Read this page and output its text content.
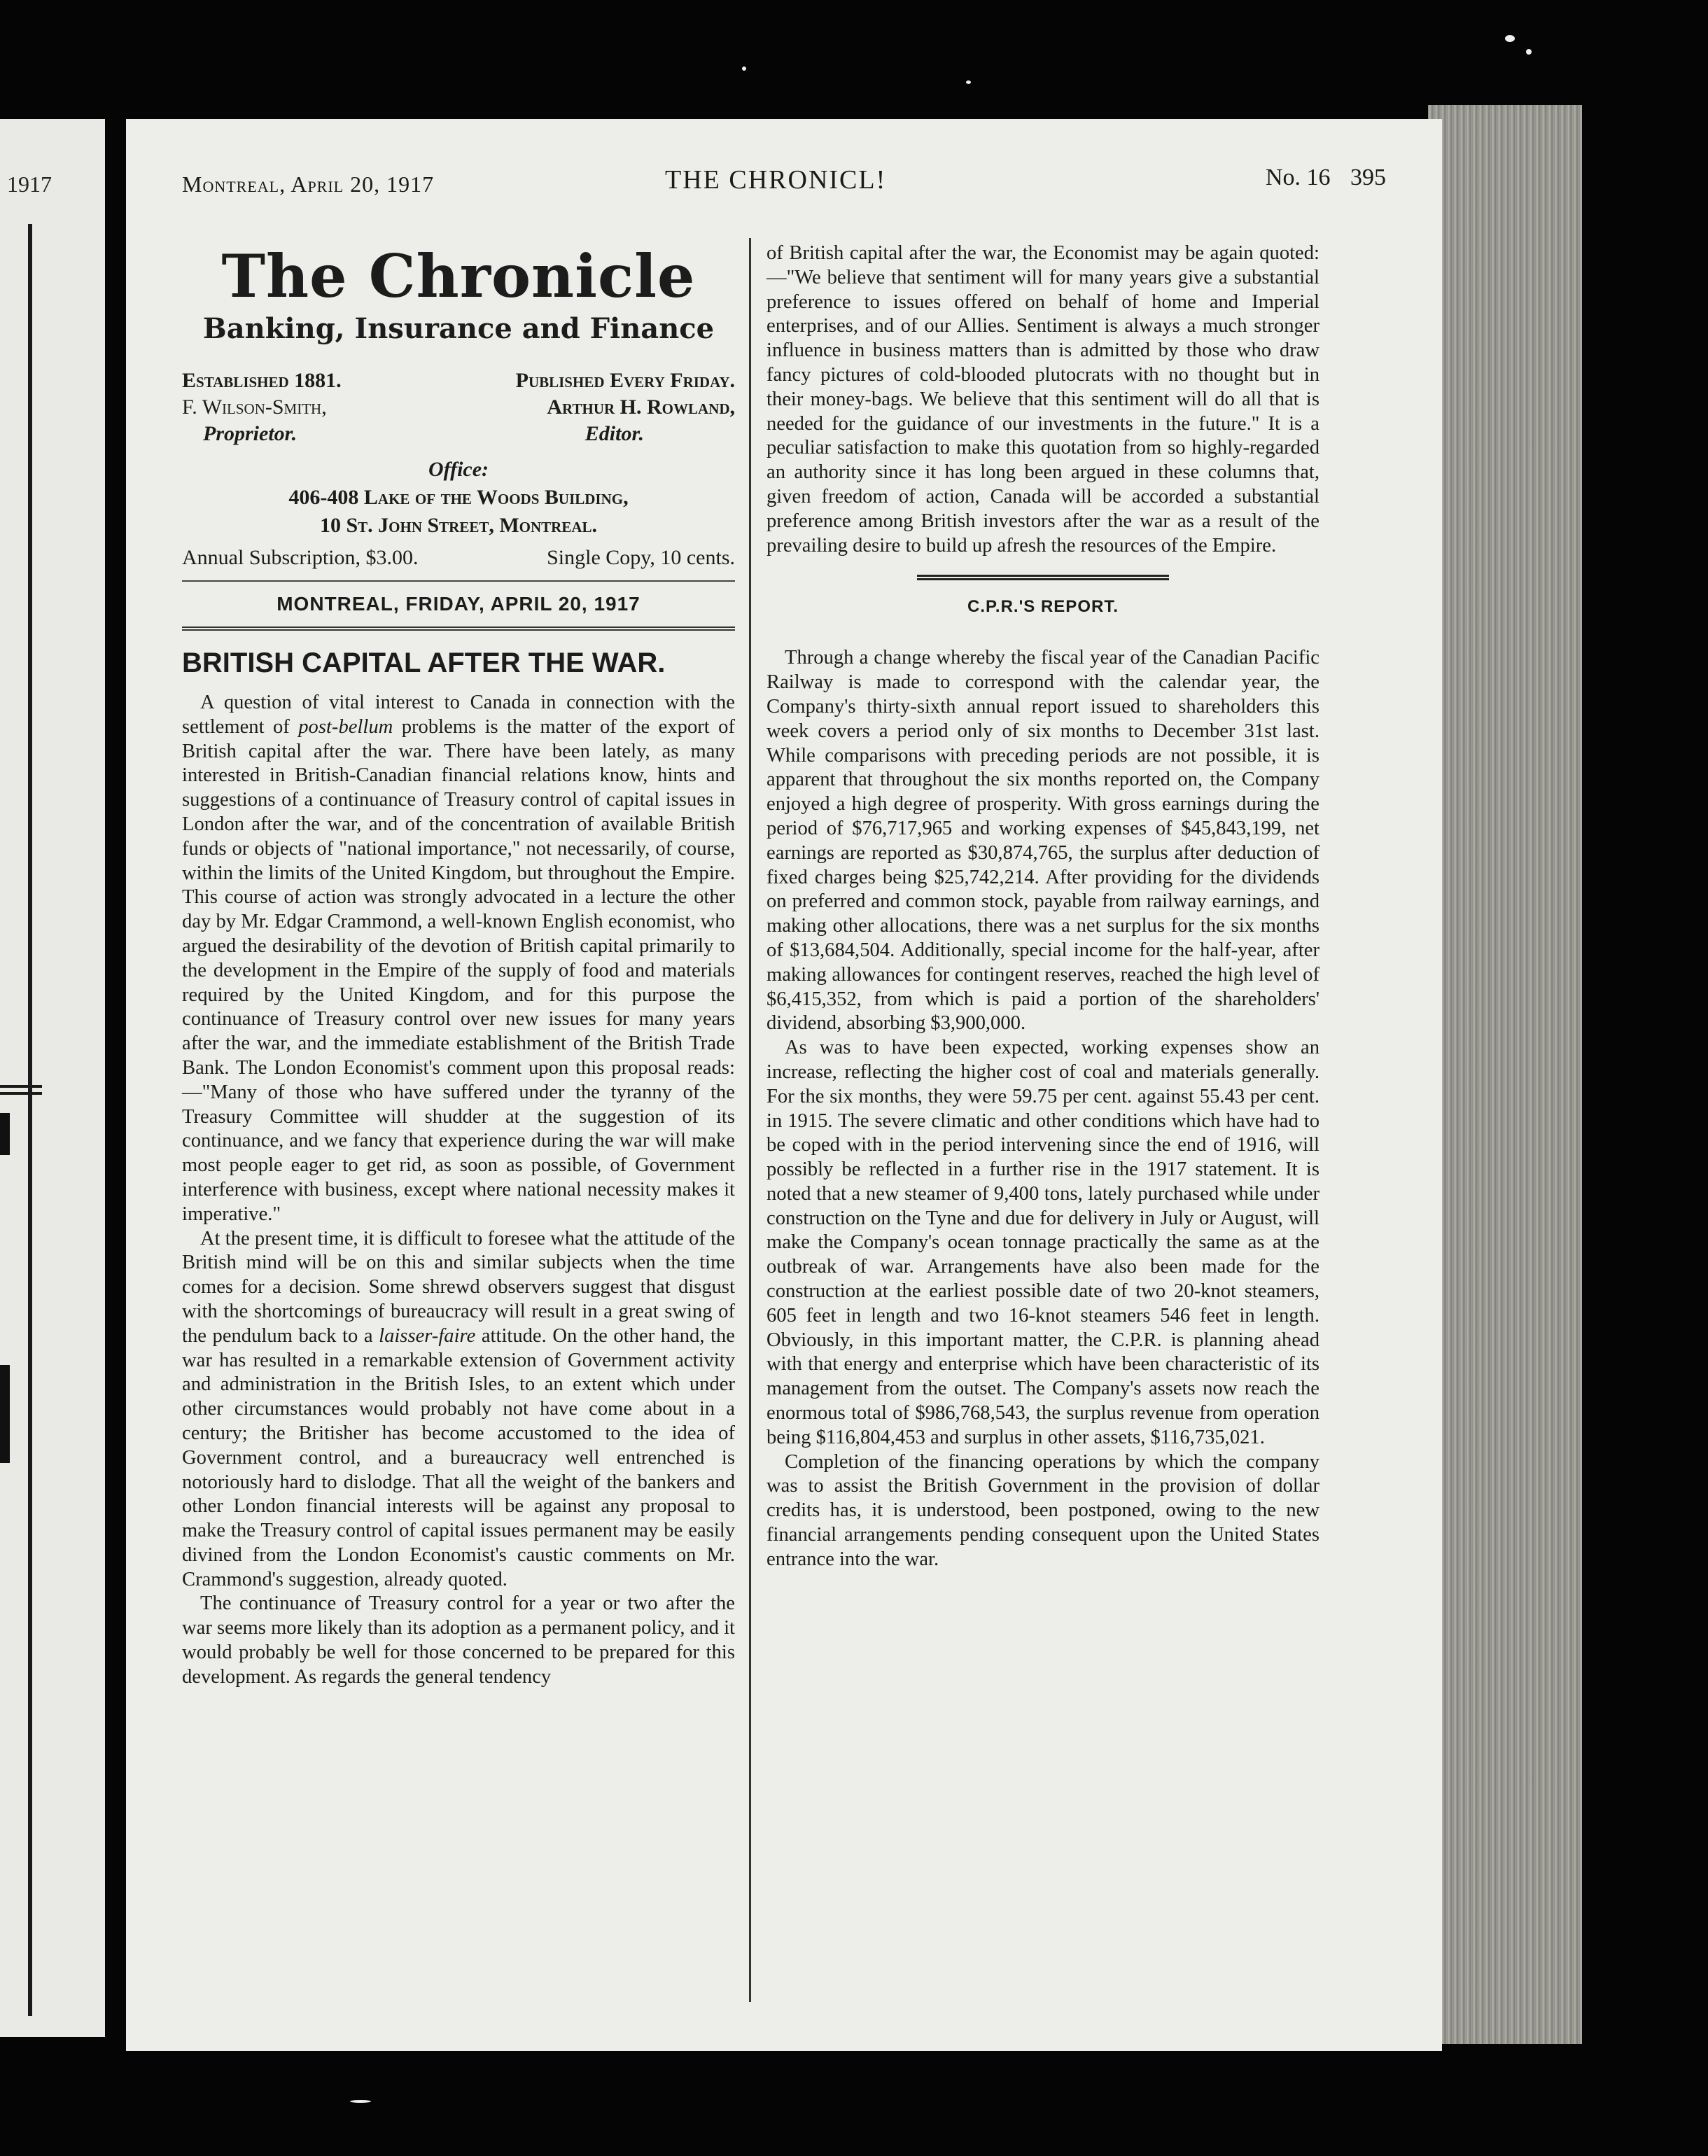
1917	Montreal, April 20, 1917	THE CHRONICL!	No. 16 395

The Chronicle

Banking, Insurance and Finance

Established 1881.	Published Every Friday.
F. Wilson-Smith,	Arthur H. Rowland,
Proprietor.	Editor.
Office:
406-408 Lake of the Woods Building,
10 St. John Street, Montreal.
Annual Subscription, $3.00.	Single Copy, 10 cents.
MONTREAL, FRIDAY, APRIL 20, 1917
BRITISH CAPITAL AFTER THE WAR.

A question of vital interest to Canada in connection with the settlement of post-bellum problems is the matter of the export of British capital after the war. There have been lately, as many interested in British-Canadian financial relations know, hints and suggestions of a continuance of Treasury control of capital issues in London after the war, and of the concentration of available British funds or objects of "national importance," not necessarily, of course, within the limits of the United Kingdom, but throughout the Empire. This course of action was strongly advocated in a lecture the other day by Mr. Edgar Crammond, a well-known English economist, who argued the desirability of the devotion of British capital primarily to the development in the Empire of the supply of food and materials required by the United Kingdom, and for this purpose the continuance of Treasury control over new issues for many years after the war, and the immediate establishment of the British Trade Bank. The London Economist's comment upon this proposal reads:—"Many of those who have suffered under the tyranny of the Treasury Committee will shudder at the suggestion of its continuance, and we fancy that experience during the war will make most people eager to get rid, as soon as possible, of Government interference with business, except where national necessity makes it imperative."

At the present time, it is difficult to foresee what the attitude of the British mind will be on this and similar subjects when the time comes for a decision. Some shrewd observers suggest that disgust with the shortcomings of bureaucracy will result in a great swing of the pendulum back to a laisser-faire attitude. On the other hand, the war has resulted in a remarkable extension of Government activity and administration in the British Isles, to an extent which under other circumstances would probably not have come about in a century; the Britisher has become accustomed to the idea of Government control, and a bureaucracy well entrenched is notoriously hard to dislodge. That all the weight of the bankers and other London financial interests will be against any proposal to make the Treasury control of capital issues permanent may be easily divined from the London Economist's caustic comments on Mr. Crammond's suggestion, already quoted.

The continuance of Treasury control for a year or two after the war seems more likely than its adoption as a permanent policy, and it would probably be well for those concerned to be prepared for this development. As regards the general tendency

of British capital after the war, the Economist may be again quoted:—"We believe that sentiment will for many years give a substantial preference to issues offered on behalf of home and Imperial enterprises, and of our Allies. Sentiment is always a much stronger influence in business matters than is admitted by those who draw fancy pictures of cold-blooded plutocrats with no thought but in their money-bags. We believe that this sentiment will do all that is needed for the guidance of our investments in the future." It is a peculiar satisfaction to make this quotation from so highly-regarded an authority since it has long been argued in these columns that, given freedom of action, Canada will be accorded a substantial preference among British investors after the war as a result of the prevailing desire to build up afresh the resources of the Empire.

C.P.R.'S REPORT.

Through a change whereby the fiscal year of the Canadian Pacific Railway is made to correspond with the calendar year, the Company's thirty-sixth annual report issued to shareholders this week covers a period only of six months to December 31st last. While comparisons with preceding periods are not possible, it is apparent that throughout the six months reported on, the Company enjoyed a high degree of prosperity. With gross earnings during the period of $76,717,965 and working expenses of $45,843,199, net earnings are reported as $30,874,765, the surplus after deduction of fixed charges being $25,742,214. After providing for the dividends on preferred and common stock, payable from railway earnings, and making other allocations, there was a net surplus for the six months of $13,684,504. Additionally, special income for the half-year, after making allowances for contingent reserves, reached the high level of $6,415,352, from which is paid a portion of the shareholders' dividend, absorbing $3,900,000.

As was to have been expected, working expenses show an increase, reflecting the higher cost of coal and materials generally. For the six months, they were 59.75 per cent. against 55.43 per cent. in 1915. The severe climatic and other conditions which have had to be coped with in the period intervening since the end of 1916, will possibly be reflected in a further rise in the 1917 statement. It is noted that a new steamer of 9,400 tons, lately purchased while under construction on the Tyne and due for delivery in July or August, will make the Company's ocean tonnage practically the same as at the outbreak of war. Arrangements have also been made for the construction at the earliest possible date of two 20-knot steamers, 605 feet in length and two 16-knot steamers 546 feet in length. Obviously, in this important matter, the C.P.R. is planning ahead with that energy and enterprise which have been characteristic of its management from the outset. The Company's assets now reach the enormous total of $986,768,543, the surplus revenue from operation being $116,804,453 and surplus in other assets, $116,735,021.

Completion of the financing operations by which the company was to assist the British Government in the provision of dollar credits has, it is understood, been postponed, owing to the new financial arrangements pending consequent upon the United States entrance into the war.
